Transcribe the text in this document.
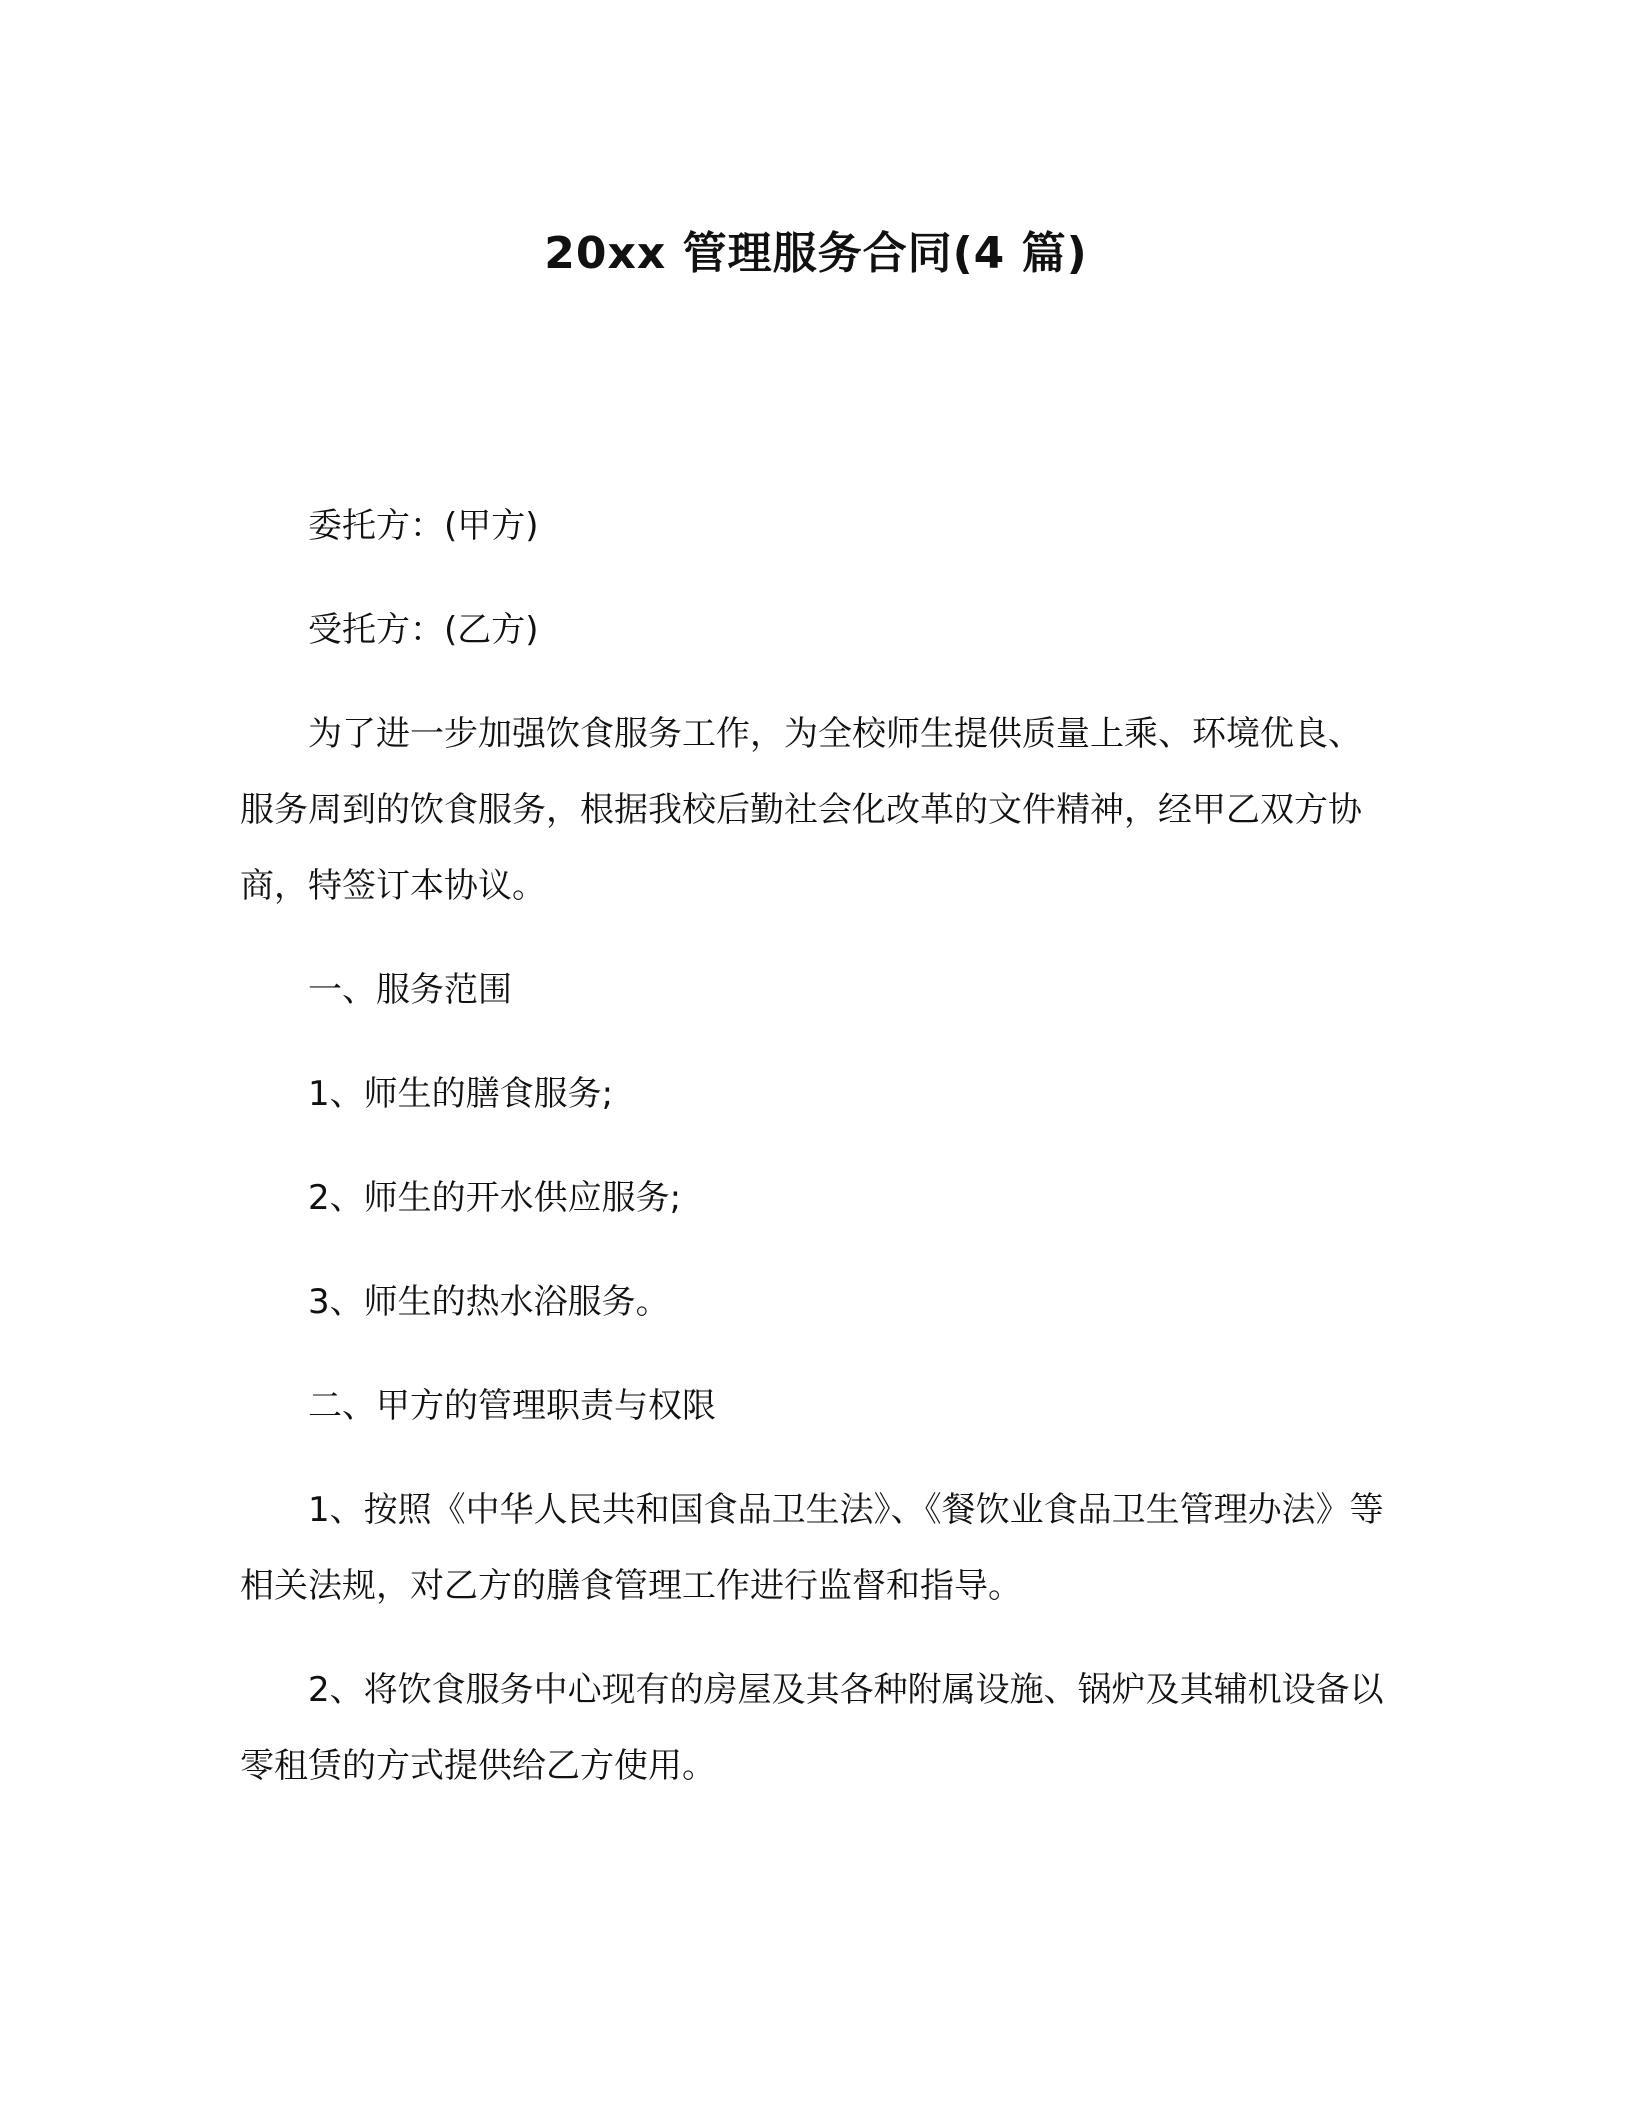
20xx 管理服务合同(4 篇)

委托方：(甲方)

受托方：(乙方)

为了进一步加强饮食服务工作，为全校师生提供质量上乘、环境优良、服务周到的饮食服务，根据我校后勤社会化改革的文件精神，经甲乙双方协商，特签订本协议。

一、服务范围

1、师生的膳食服务;

2、师生的开水供应服务;

3、师生的热水浴服务。

二、甲方的管理职责与权限

1、按照《中华人民共和国食品卫生法》、《餐饮业食品卫生管理办法》等相关法规，对乙方的膳食管理工作进行监督和指导。

2、将饮食服务中心现有的房屋及其各种附属设施、锅炉及其辅机设备以零租赁的方式提供给乙方使用。
